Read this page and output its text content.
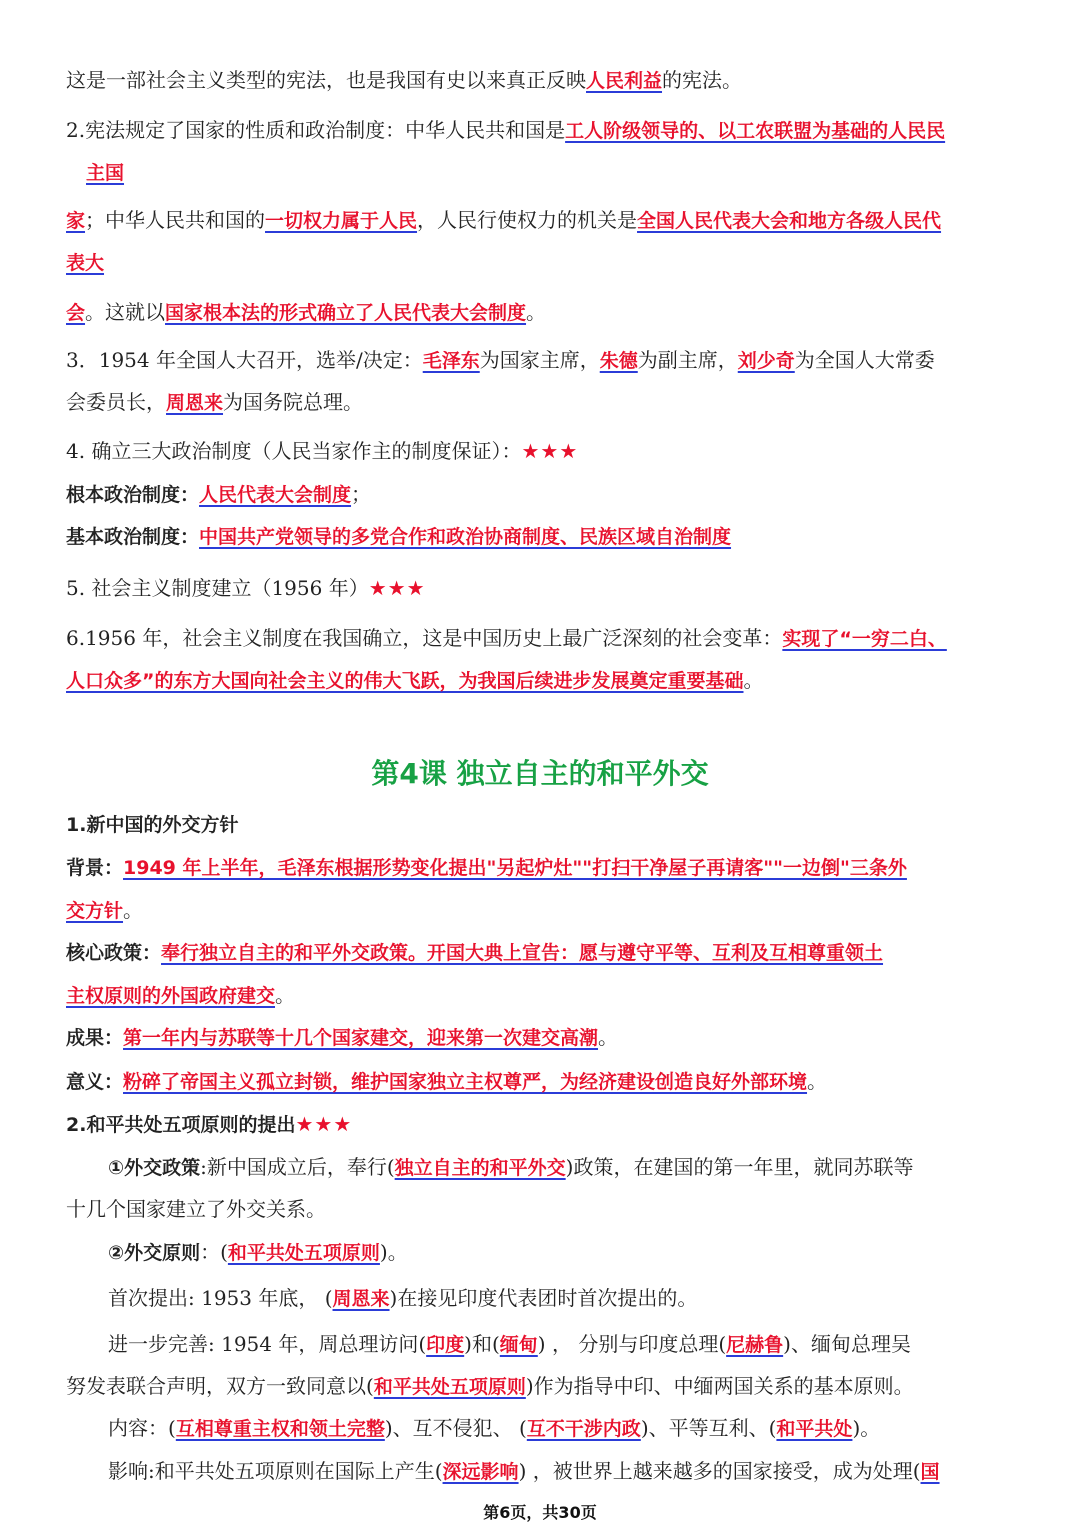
这是一部社会主义类型的宪法，也是我国有史以来真正反映人民利益的宪法。
2.宪法规定了国家的性质和政治制度：中华人民共和国是工人阶级领导的、以工农联盟为基础的人民民
主国
家；中华人民共和国的一切权力属于人民，人民行使权力的机关是全国人民代表大会和地方各级人民代
表大
会。这就以国家根本法的形式确立了人民代表大会制度。
3．1954 年全国人大召开，选举/决定：毛泽东为国家主席，朱德为副主席，刘少奇为全国人大常委
会委员长，周恩来为国务院总理。
4. 确立三大政治制度（人民当家作主的制度保证）：★★★
根本政治制度：人民代表大会制度；
基本政治制度：中国共产党领导的多党合作和政治协商制度、民族区域自治制度
5. 社会主义制度建立（1956 年）★★★
6.1956 年，社会主义制度在我国确立，这是中国历史上最广泛深刻的社会变革：实现了“一穷二白、
人口众多”的东方大国向社会主义的伟大飞跃，为我国后续进步发展奠定重要基础。
第4课 独立自主的和平外交
1.新中国的外交方针
背景：1949 年上半年，毛泽东根据形势变化提出"另起炉灶""打扫干净屋子再请客""一边倒"三条外
交方针。
核心政策：奉行独立自主的和平外交政策。开国大典上宣告：愿与遵守平等、互利及互相尊重领土
主权原则的外国政府建交。
成果：第一年内与苏联等十几个国家建交，迎来第一次建交高潮。
意义：粉碎了帝国主义孤立封锁，维护国家独立主权尊严，为经济建设创造良好外部环境。
2.和平共处五项原则的提出★★★
①外交政策:新中国成立后，奉行(独立自主的和平外交)政策，在建国的第一年里，就同苏联等
十几个国家建立了外交关系。
②外交原则：(和平共处五项原则)。
首次提出: 1953 年底， (周恩来)在接见印度代表团时首次提出的。
进一步完善: 1954 年，周总理访问(印度)和(缅甸) ， 分别与印度总理(尼赫鲁)、缅甸总理吴
努发表联合声明，双方一致同意以(和平共处五项原则)作为指导中印、中缅两国关系的基本原则。
内容：(互相尊重主权和领土完整)、互不侵犯、 (互不干涉内政)、平等互利、(和平共处)。
影响:和平共处五项原则在国际上产生(深远影响) ，被世界上越来越多的国家接受，成为处理(国
第6页，共30页
